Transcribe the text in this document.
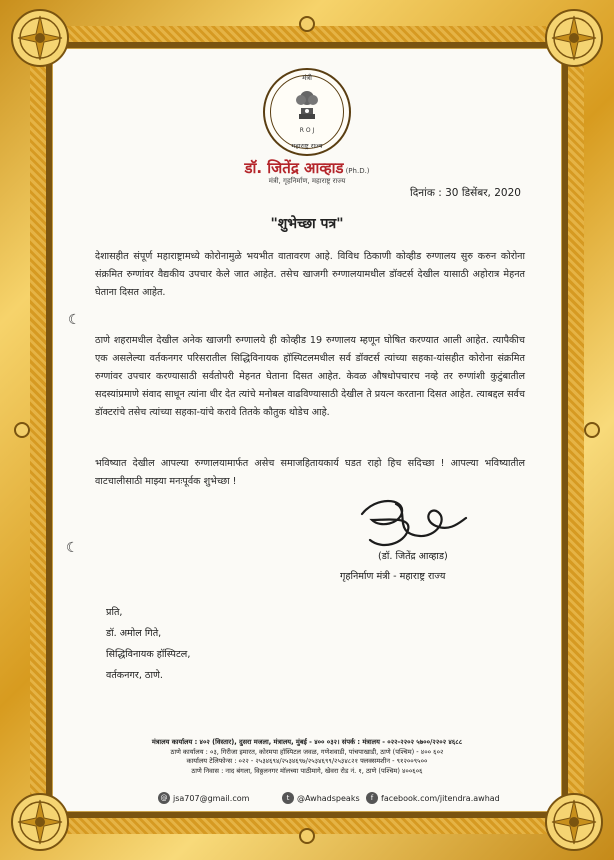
मंत्री
R O J
महाराष्ट्र राज्य
डॉ. जितेंद्र आव्हाड (Ph.D.)
मंत्री, गृहनिर्माण, महाराष्ट्र राज्य
दिनांक : 30 डिसेंबर, 2020
"शुभेच्छा पत्र"

देशासहीत संपूर्ण महाराष्ट्रामध्ये कोरोनामुळे भयभीत वातावरण आहे. विविध ठिकाणी कोव्हीड रुग्णालय सुरु करुन कोरोना संक्रमित रुग्णांवर वैद्यकीय उपचार केले जात आहेत. तसेच खाजगी रुग्णालयामधील डॉक्टर्स देखील यासाठी अहोरात्र मेहनत घेताना दिसत आहेत.

ठाणे शहरामधील देखील अनेक खाजगी रुग्णालये ही कोव्हीड 19 रुग्णालय म्हणून घोषित करण्यात आली आहेत. त्यापैकीच एक असलेल्या वर्तकनगर परिसरातील सिद्धिविनायक हॉस्पिटलमधील सर्व डॉक्टर्स त्यांच्या सहका-यांसहीत कोरोना संक्रमित रुग्णांवर उपचार करण्यासाठी सर्वतोपरी मेहनत घेताना दिसत आहेत. केवळ औषधोपचारच नव्हे तर रुग्णांशी कुटुंबातील सदस्यांप्रमाणे संवाद साधून त्यांना धीर देत त्यांचे मनोबल वाढविण्यासाठी देखील ते प्रयत्न करताना दिसत आहेत. त्याबद्दल सर्वच डॉक्टरांचे तसेच त्यांच्या सहका-यांचे करावे तितके कौतुक थोडेच आहे.

भविष्यात देखील आपल्या रुग्णालयामार्फत असेच समाजहितायकार्य घडत राहो हिच सदिच्छा ! आपल्या भविष्यातील वाटचालीसाठी माझ्या मनःपूर्वक शुभेच्छा !

☾
☾
(डॉ. जितेंद्र आव्हाड)
गृहनिर्माण मंत्री - महाराष्ट्र राज्य
प्रति,
डॉ. अमोल गिते,
सिद्धिविनायक हॉस्पिटल,
वर्तकनगर, ठाणे.
मंत्रालय कार्यालय : ४०२ (विस्तार), दुसरा मजला, मंत्रालय, मुंबई - ४०० ०३२। संपर्क : मंत्रालय - ०२२-२२०२ ५७००/२२०२ ४६८८
ठाणे कार्यालय : ०३, गिरीजा इमारत, कोरमपा हॉस्पिटल जवळ, गणेशवाडी, पांचपाखाडी, ठाणे (पश्चिम) - ४०० ६०२
कार्यालय टेलिफोन्स : ०२२ - २५३४६९४/२५३४६९७/२५३४६९९/२५३४८२१ फ्लक्समशीन - ९१२००९५००
ठाणे निवास : नाद बंगला, विठ्ठलनगर मॉलच्या पाठीमागे, खेवरा रोड नं. १, ठाणे (पश्चिम) ४००६०६
@ jsa707@gmail.com	t @Awhadspeaks	f facebook.com/jitendra.awhad
